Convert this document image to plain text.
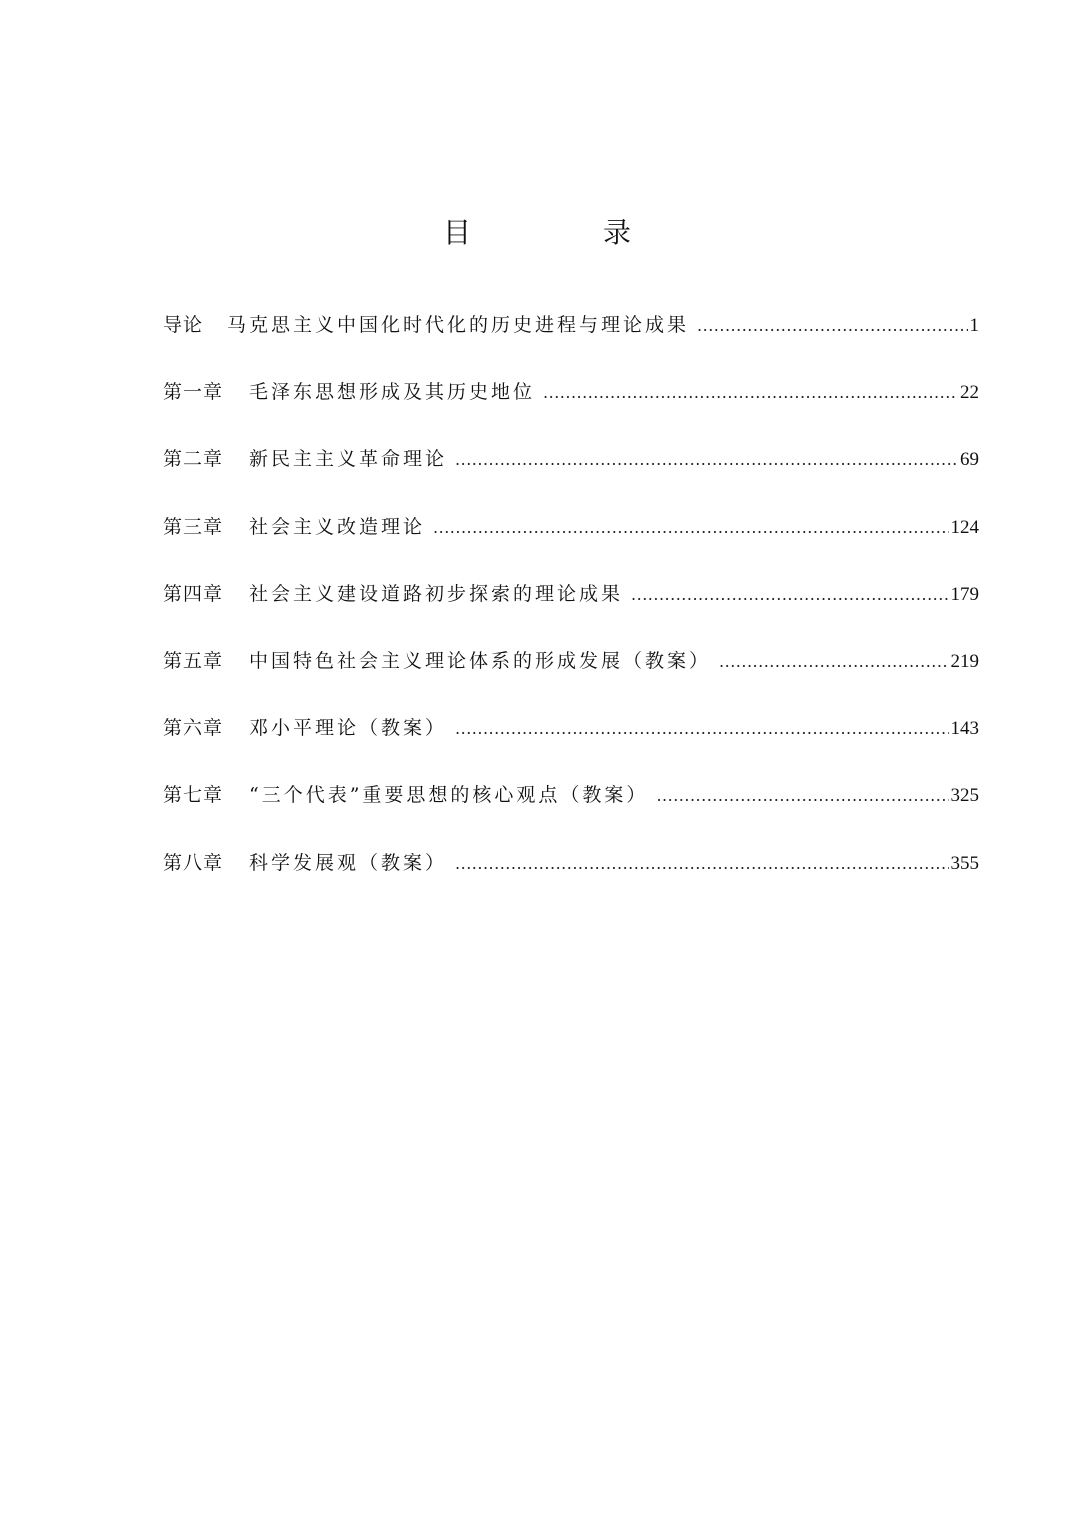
目　录
导论	马克思主义中国化时代化的历史进程与理论成果 .....	1
第一章	毛泽东思想形成及其历史地位 .....	22
第二章	新民主主义革命理论 .....	69
第三章	社会主义改造理论 .....	124
第四章	社会主义建设道路初步探索的理论成果 .....	179
第五章	中国特色社会主义理论体系的形成发展（教案） .....	219
第六章	邓小平理论（教案） .....	143
第七章	“三个代表”重要思想的核心观点（教案） .....	325
第八章	科学发展观（教案） .....	355
